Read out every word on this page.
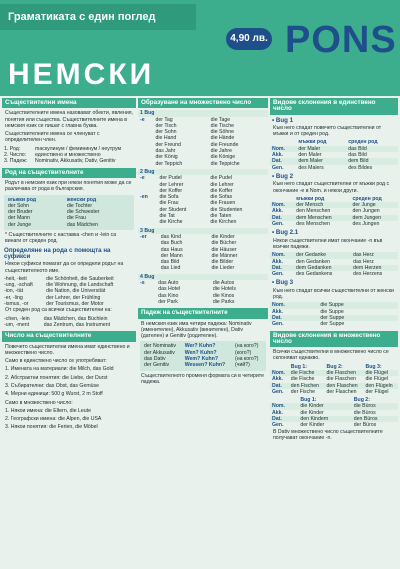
Граматиката с един поглед
4,90 лв. PONS
НЕМСКИ
Съществителни имена
Съществителните имена назовават обекти, явления, понятия или същества. Съществителните имена в немския език се пишат с главна буква.
Съществителните имена се членуват с определителен член.
1. Род:	mаскулинум / фемининум / неутрум
2. Число:	единствено и множествено
3. Падеж:	Nominativ, Akkusativ, Dativ, Genitiv
Род на съществителните
Родът в немския език при някои понятия може да се различава от рода в българския.
мъжки род	женски род
der Sohn	die Tochter
der Bruder	die Schwester
der Mann	die Frau
der Junge	das Mädchen
* Съществителните с наставка -chen и -lein са винаги от среден род.
Определяне на рода с помощта на суфикси
Някои суфикси помагат да се определи родът на съществителното име.
-heit, -keit	die Schönheit, die Sauberkeit
-ung, -schaft	die Wohnung, die Landschaft
-ion, -tät	die Nation, die Universität
-er, -ling	der Lehrer, der Frühling
-ismus, -or	der Tourismus, der Motor
От среден род са всички съществителни на:
-chen, -lein	das Mädchen, das Büchlein
-um, -ment	das Zentrum, das Instrument
Число на съществителните
Повечето съществителни имена имат единствено и множествено число.
Само в единствено число се употребяват:
1. Имената на материали: die Milch, das Gold
2. Абстрактни понятия: die Liebe, der Durst
3. Събирателни: das Obst, das Gemüse
4. Мерни единици: 500 g Wurst, 2 m Stoff
Само в множествено число:
1. Някои имена: die Eltern, die Leute
2. Географски имена: die Alpen, die USA
3. Някои понятия: die Ferien, die Möbel
Образуване на множествено число
1 Bug		
-e	der Tag	die Tage
	der Tisch	die Tische
	der Sohn	die Söhne
	die Hand	die Hände
	der Freund	die Freunde
	das Jahr	die Jahre
	der König	die Könige
	der Teppich	die Teppiche
2 Bug		
-e	der Pudel	die Pudel
	der Lehrer	die Lehrer
	der Koffer	die Koffer
-en	die Sofa	die Sofas
	die Frau	die Frauen
	der Student	die Studenten
	die Tat	die Taten
	die Kirche	die Kirchen
3 Bug		
-er	das Kind	die Kinder
	das Buch	die Bücher
	das Haus	die Häuser
	der Mann	die Männer
	das Bild	die Bilder
	das Lied	die Lieder
4 Bug		
-s	das Auto	die Autos
	das Hotel	die Hotels
	das Kino	die Kinos
	der Park	die Parks
Падеж на съществителните
В немския език има четири падежа: Nominativ (именителен), Akkusativ (винителен), Dativ (дателен) и Genitiv (родителен).
der Nominativ	Wer? Kuhn?	(на кого?)
der Akkusativ	Wen? Kuhn?	(кого?)
das Dativ	Wem? Kuhn?	(на кого?)
der Genitiv	Wessen? Kuhn?	(чий?)
Съществителното променя формата си в четирите падежа.
Видове склонения в единствено число
• Bug 1
Към него спадат повечето съществителни от мъжки и от среден род.
	мъжки род	среден род
Nom.	der Maler	das Bild
Akk.	den Maler	das Bild
Dat.	dem Maler	dem Bild
Gen.	des Malers	des Bildes
• Bug 2
Към него спадат съществителни от мъжки род с окончание -e в Nom. и някои други.
	мъжки род	среден род
Nom.	der Mensch	der Junge
Akk.	den Menschen	den Jungen
Dat.	dem Menschen	dem Jungen
Gen.	des Menschen	des Jungen
• Bug 2.1
Някои съществителни имат окончание -n във всички падежи.
Nom.	der Gedanke	das Herz
Akk.	den Gedanken	das Herz
Dat.	dem Gedanken	dem Herzen
Gen.	des Gedankens	des Herzens
• Bug 3
Към него спадат всички съществителни от женски род.
Nom.	die Suppe
Akk.	die Suppe
Dat.	der Suppe
Gen.	der Suppe
Видове склонения в множествено число
Всички съществителни в множествено число се склоняват еднакво.
	Bug 1:	Bug 2:	Bug 3:
Nom.	die Fische	die Flaschen	die Flügel
Akk.	die Fische	die Flaschen	die Flügel
Dat.	den Fischen	den Flaschen	den Flügeln
Gen.	der Fische	der Flaschen	der Flügel
	Bug 1:	Bug 2:
Nom.	die Kinder	die Büros
Akk.	die Kinder	die Büros
Dat.	den Kindern	den Büros
Gen.	der Kinder	der Büros
В Dativ множествено число съществителните получават окончание -n.
